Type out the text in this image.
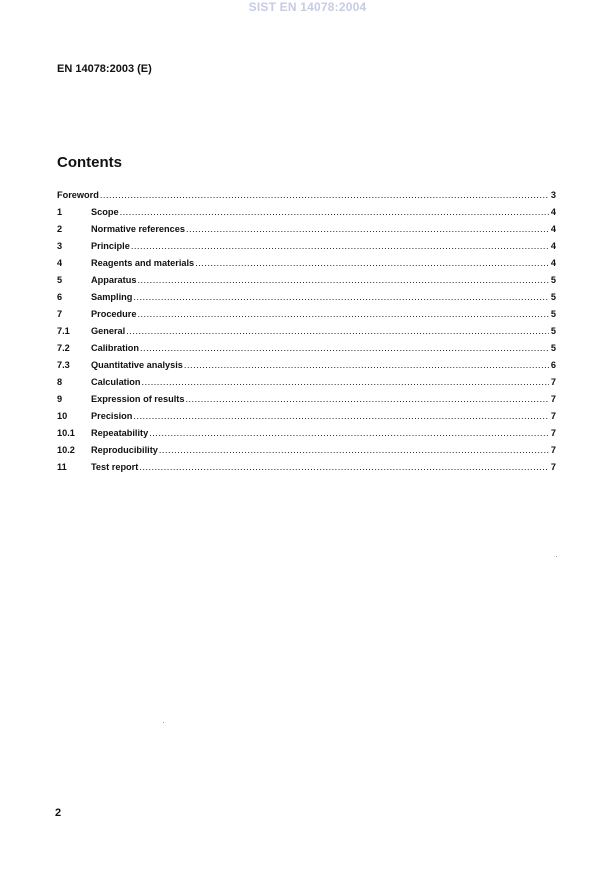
SIST EN 14078:2004
EN 14078:2003 (E)
Contents
Foreword .....	3
1	Scope .....	4
2	Normative references .....	4
3	Principle .....	4
4	Reagents and materials .....	4
5	Apparatus .....	5
6	Sampling .....	5
7	Procedure .....	5
7.1	General .....	5
7.2	Calibration .....	5
7.3	Quantitative analysis .....	6
8	Calculation .....	7
9	Expression of results .....	7
10	Precision .....	7
10.1	Repeatability .....	7
10.2	Reproducibility .....	7
11	Test report .....	7
2
